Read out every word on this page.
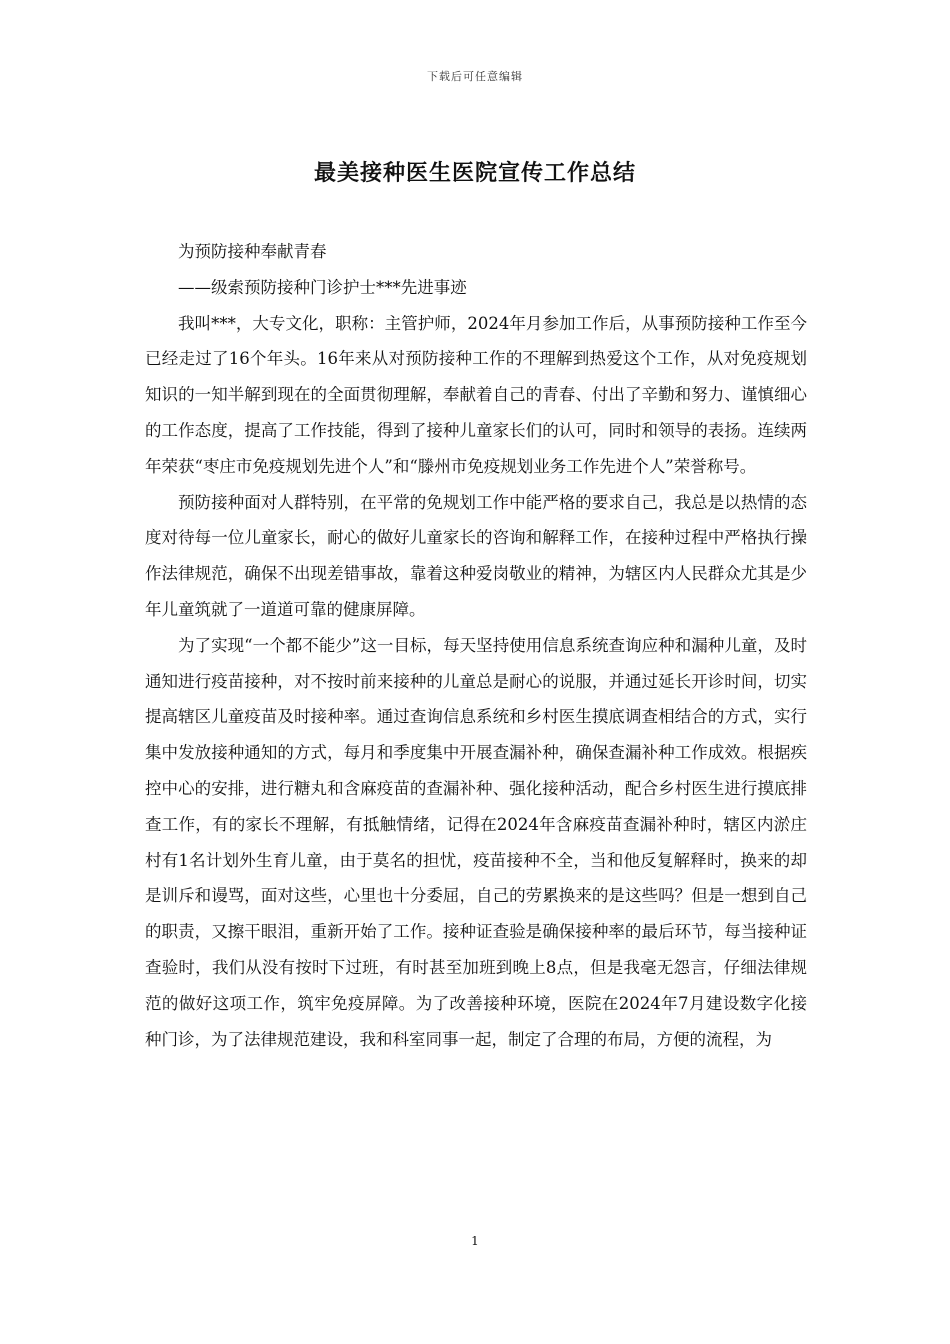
下载后可任意编辑
最美接种医生医院宣传工作总结

为预防接种奉献青春

——级索预防接种门诊护士***先进事迹

我叫***，大专文化，职称：主管护师，2024年月参加工作后，从事预防接种工作至今已经走过了16个年头。16年来从对预防接种工作的不理解到热爱这个工作，从对免疫规划知识的一知半解到现在的全面贯彻理解，奉献着自己的青春、付出了辛勤和努力、谨慎细心的工作态度，提高了工作技能，得到了接种儿童家长们的认可，同时和领导的表扬。连续两年荣获“枣庄市免疫规划先进个人”和“滕州市免疫规划业务工作先进个人”荣誉称号。

预防接种面对人群特别，在平常的免规划工作中能严格的要求自己，我总是以热情的态度对待每一位儿童家长，耐心的做好儿童家长的咨询和解释工作，在接种过程中严格执行操作法律规范，确保不出现差错事故，靠着这种爱岗敬业的精神，为辖区内人民群众尤其是少年儿童筑就了一道道可靠的健康屏障。

为了实现“一个都不能少”这一目标，每天坚持使用信息系统查询应种和漏种儿童，及时通知进行疫苗接种，对不按时前来接种的儿童总是耐心的说服，并通过延长开诊时间，切实提高辖区儿童疫苗及时接种率。通过查询信息系统和乡村医生摸底调查相结合的方式，实行集中发放接种通知的方式，每月和季度集中开展查漏补种，确保查漏补种工作成效。根据疾控中心的安排，进行糖丸和含麻疫苗的查漏补种、强化接种活动，配合乡村医生进行摸底排查工作，有的家长不理解，有抵触情绪，记得在2024年含麻疫苗查漏补种时，辖区内淤庄村有1名计划外生育儿童，由于莫名的担忧，疫苗接种不全，当和他反复解释时，换来的却是训斥和谩骂，面对这些，心里也十分委屈，自己的劳累换来的是这些吗？但是一想到自己的职责，又擦干眼泪，重新开始了工作。接种证查验是确保接种率的最后环节，每当接种证查验时，我们从没有按时下过班，有时甚至加班到晚上8点，但是我毫无怨言，仔细法律规范的做好这项工作，筑牢免疫屏障。为了改善接种环境，医院在2024年7月建设数字化接种门诊，为了法律规范建设，我和科室同事一起，制定了合理的布局，方便的流程，为

1
